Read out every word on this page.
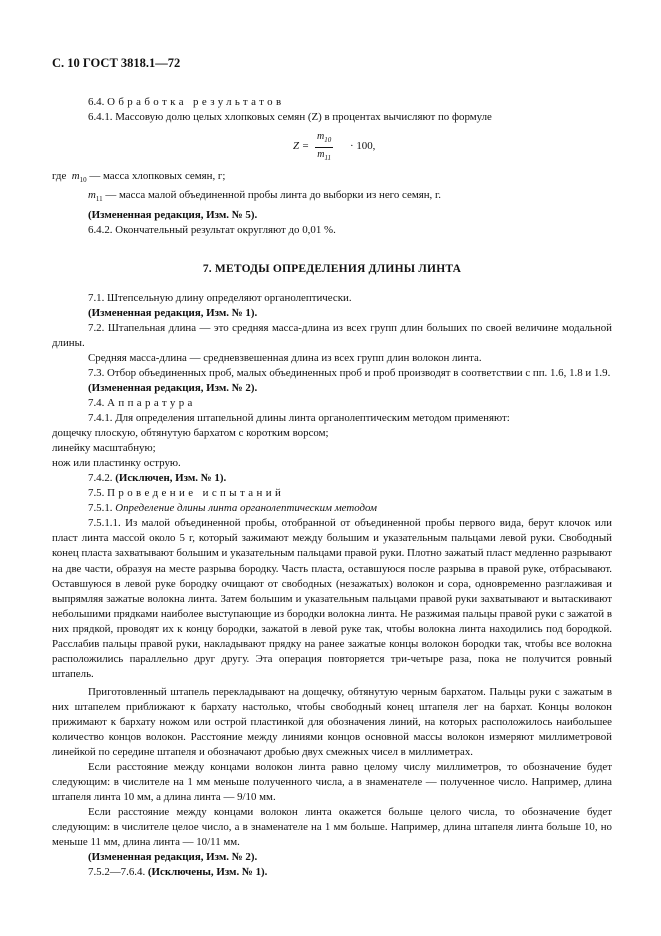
С. 10 ГОСТ 3818.1—72

6.4. Обработка результатов

6.4.1. Массовую долю целых хлопковых семян (Z) в процентах вычисляют по формуле

$Z = \frac{m_{10}}{m_{11}} \cdot 100$,

где $m_{10}$ — масса хлопковых семян, г;

$m_{11}$ — масса малой объединенной пробы линта до выборки из него семян, г.

(Измененная редакция, Изм. № 5).

6.4.2. Окончательный результат округляют до 0,01 %.

7. МЕТОДЫ ОПРЕДЕЛЕНИЯ ДЛИНЫ ЛИНТА

7.1. Штепсельную длину определяют органолептически.

(Измененная редакция, Изм. № 1).

7.2. Штапельная длина — это средняя масса-длина из всех групп длин больших по своей величине модальной длины.

Средняя масса-длина — средневзвешенная длина из всех групп длин волокон линта.

7.3. Отбор объединенных проб, малых объединенных проб и проб производят в соответствии с пп. 1.6, 1.8 и 1.9.

(Измененная редакция, Изм. № 2).

7.4. Аппаратура

7.4.1. Для определения штапельной длины линта органолептическим методом применяют:

дощечку плоскую, обтянутую бархатом с коротким ворсом;

линейку масштабную;

нож или пластинку острую.

7.4.2. (Исключен, Изм. № 1).

7.5. Проведение испытаний

7.5.1. Определение длины линта органолептическим методом

7.5.1.1. Из малой объединенной пробы, отобранной от объединенной пробы первого вида, берут клочок или пласт линта массой около 5 г, который зажимают между большим и указательным пальцами левой руки. Свободный конец пласта захватывают большим и указательным пальцами правой руки. Плотно зажатый пласт медленно разрывают на две части, образуя на месте разрыва бородку. Часть пласта, оставшуюся после разрыва в правой руке, отбрасывают. Оставшуюся в левой руке бородку очищают от свободных (незажатых) волокон и сора, одновременно разглаживая и выпрямляя зажатые волокна линта. Затем большим и указательным пальцами правой руки захватывают и вытаскивают небольшими прядками наиболее выступающие из бородки волокна линта. Не разжимая пальцы правой руки с зажатой в них прядкой, проводят их к концу бородки, зажатой в левой руке так, чтобы волокна линта находились под бородкой. Расслабив пальцы правой руки, накладывают прядку на ранее зажатые концы волокон бородки так, чтобы все волокна расположились параллельно друг другу. Эта операция повторяется три-четыре раза, пока не получится ровный штапель.

Приготовленный штапель перекладывают на дощечку, обтянутую черным бархатом. Пальцы руки с зажатым в них штапелем приближают к бархату настолько, чтобы свободный конец штапеля лег на бархат. Концы волокон прижимают к бархату ножом или острой пластинкой для обозначения линий, на которых расположилось наибольшее количество концов волокон. Расстояние между линиями концов основной массы волокон измеряют миллиметровой линейкой по середине штапеля и обозначают дробью двух смежных чисел в миллиметрах.

Если расстояние между концами волокон линта равно целому числу миллиметров, то обозначение будет следующим: в числителе на 1 мм меньше полученного числа, а в знаменателе — полученное число. Например, длина штапеля линта 10 мм, а длина линта — 9/10 мм.

Если расстояние между концами волокон линта окажется больше целого числа, то обозначение будет следующим: в числителе целое число, а в знаменателе на 1 мм больше. Например, длина штапеля линта больше 10, но меньше 11 мм, длина линта — 10/11 мм.

(Измененная редакция, Изм. № 2).

7.5.2—7.6.4. (Исключены, Изм. № 1).
